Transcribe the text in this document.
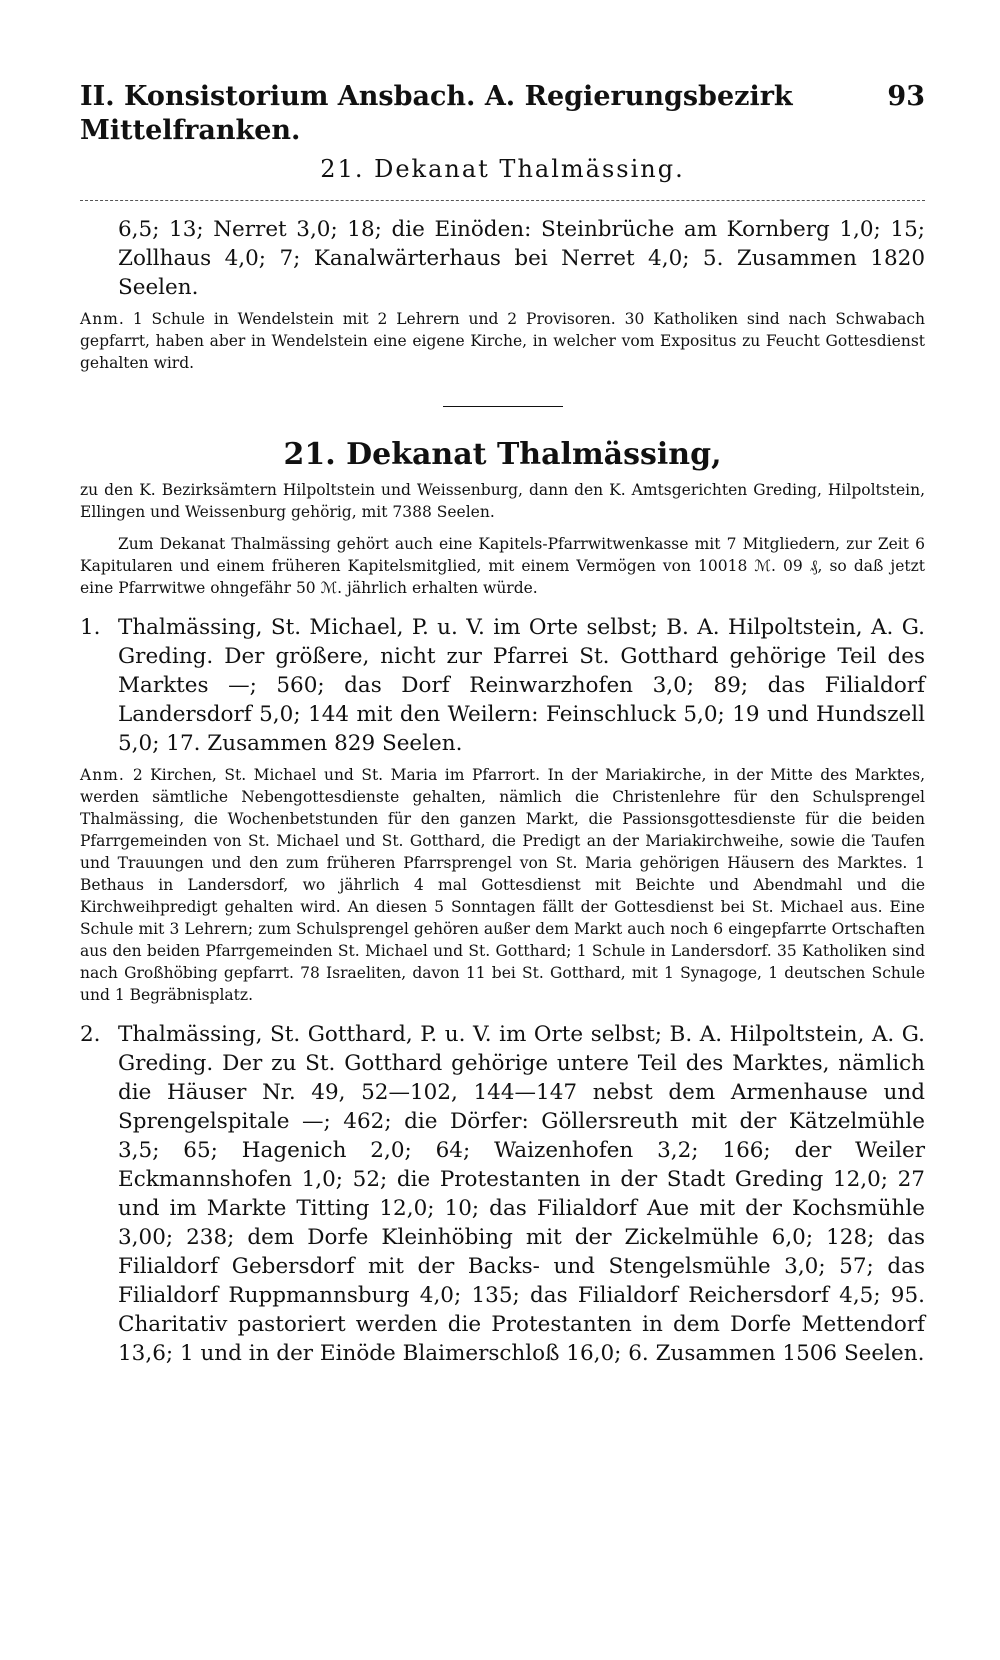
II. Konsistorium Ansbach. A. Regierungsbezirk Mittelfranken.
93
21. Dekanat Thalmässing.

6,5; 13; Nerret 3,0; 18; die Einöden: Steinbrüche am Kornberg 1,0; 15; Zollhaus 4,0; 7; Kanalwärterhaus bei Nerret 4,0; 5. Zusammen 1820 Seelen.

Anm. 1 Schule in Wendelstein mit 2 Lehrern und 2 Provisoren. 30 Katholiken sind nach Schwabach gepfarrt, haben aber in Wendelstein eine eigene Kirche, in welcher vom Expositus zu Feucht Gottesdienst gehalten wird.

21. Dekanat Thalmässing,

zu den K. Bezirksämtern Hilpoltstein und Weissenburg, dann den K. Amtsgerichten Greding, Hilpoltstein, Ellingen und Weissenburg gehörig, mit 7388 Seelen.

Zum Dekanat Thalmässing gehört auch eine Kapitels-Pfarrwitwenkasse mit 7 Mitgliedern, zur Zeit 6 Kapitularen und einem früheren Kapitelsmitglied, mit einem Vermögen von 10018 ℳ. 09 ₰, so daß jetzt eine Pfarrwitwe ohngefähr 50 ℳ. jährlich erhalten würde.

1. Thalmässing, St. Michael, P. u. V. im Orte selbst; B. A. Hilpoltstein, A. G. Greding. Der größere, nicht zur Pfarrei St. Gotthard gehörige Teil des Marktes —; 560; das Dorf Reinwarzhofen 3,0; 89; das Filialdorf Landersdorf 5,0; 144 mit den Weilern: Feinschluck 5,0; 19 und Hundszell 5,0; 17. Zusammen 829 Seelen.

Anm. 2 Kirchen, St. Michael und St. Maria im Pfarrort. In der Mariakirche, in der Mitte des Marktes, werden sämtliche Nebengottesdienste gehalten, nämlich die Christenlehre für den Schulsprengel Thalmässing, die Wochenbetstunden für den ganzen Markt, die Passionsgottesdienste für die beiden Pfarrgemeinden von St. Michael und St. Gotthard, die Predigt an der Mariakirchweihe, sowie die Taufen und Trauungen und den zum früheren Pfarrsprengel von St. Maria gehörigen Häusern des Marktes. 1 Bethaus in Landersdorf, wo jährlich 4 mal Gottesdienst mit Beichte und Abendmahl und die Kirchweihpredigt gehalten wird. An diesen 5 Sonntagen fällt der Gottesdienst bei St. Michael aus. Eine Schule mit 3 Lehrern; zum Schulsprengel gehören außer dem Markt auch noch 6 eingepfarrte Ortschaften aus den beiden Pfarrgemeinden St. Michael und St. Gotthard; 1 Schule in Landersdorf. 35 Katholiken sind nach Großhöbing gepfarrt. 78 Israeliten, davon 11 bei St. Gotthard, mit 1 Synagoge, 1 deutschen Schule und 1 Begräbnisplatz.

2. Thalmässing, St. Gotthard, P. u. V. im Orte selbst; B. A. Hilpoltstein, A. G. Greding. Der zu St. Gotthard gehörige untere Teil des Marktes, nämlich die Häuser Nr. 49, 52—102, 144—147 nebst dem Armenhause und Sprengelspitale —; 462; die Dörfer: Göllersreuth mit der Kätzelmühle 3,5; 65; Hagenich 2,0; 64; Waizenhofen 3,2; 166; der Weiler Eckmannshofen 1,0; 52; die Protestanten in der Stadt Greding 12,0; 27 und im Markte Titting 12,0; 10; das Filialdorf Aue mit der Kochsmühle 3,00; 238; dem Dorfe Kleinhöbing mit der Zickelmühle 6,0; 128; das Filialdorf Gebersdorf mit der Backs- und Stengelsmühle 3,0; 57; das Filialdorf Ruppmannsburg 4,0; 135; das Filialdorf Reichersdorf 4,5; 95. Charitativ pastoriert werden die Protestanten in dem Dorfe Mettendorf 13,6; 1 und in der Einöde Blaimerschloß 16,0; 6. Zusammen 1506 Seelen.
